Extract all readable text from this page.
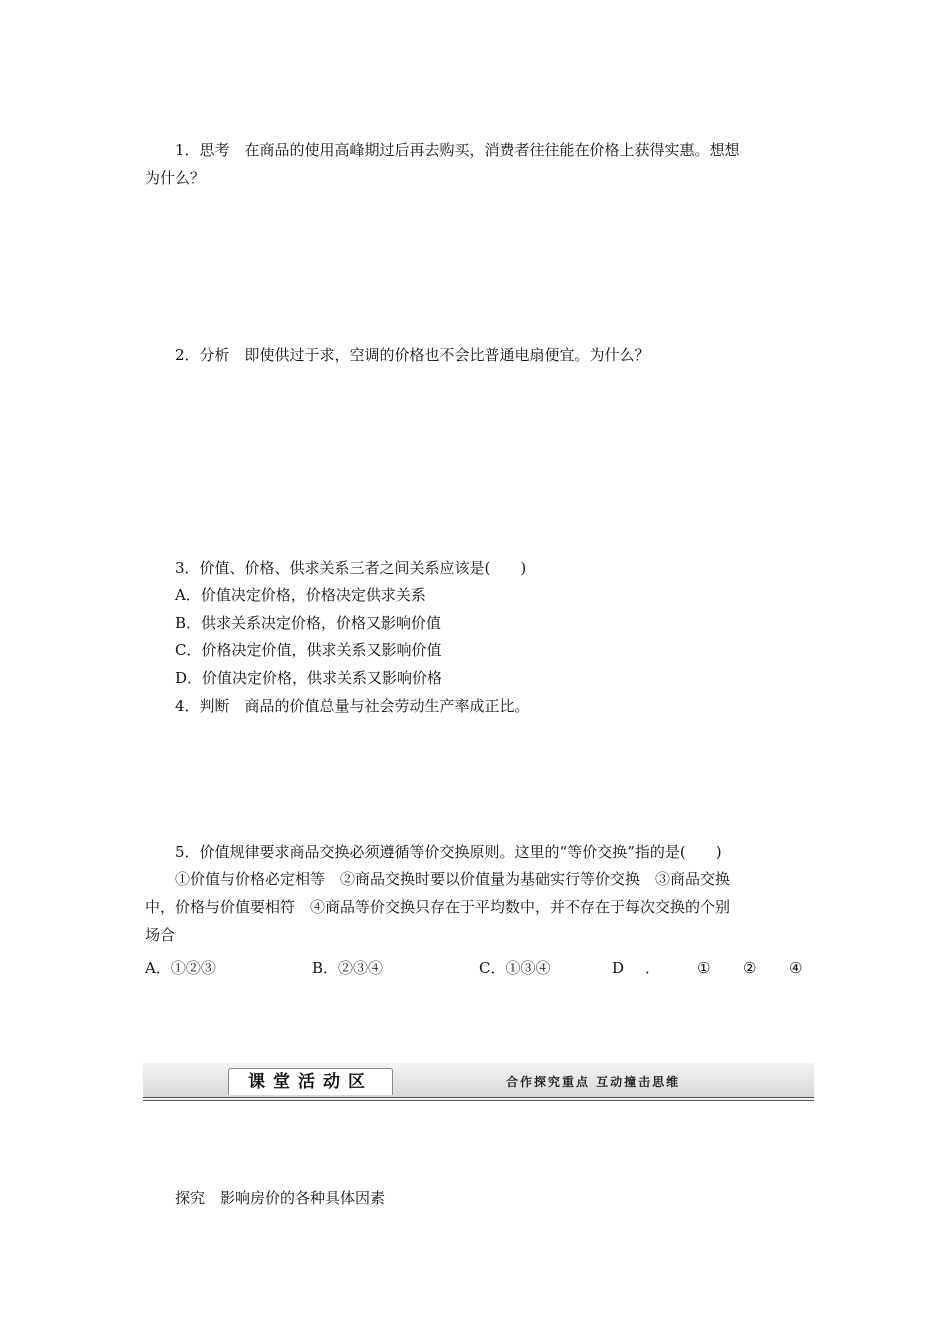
1．思考　在商品的使用高峰期过后再去购买，消费者往往能在价格上获得实惠。想想
为什么？
2．分析　即使供过于求，空调的价格也不会比普通电扇便宜。为什么？
3．价值、价格、供求关系三者之间关系应该是(　　)
A．价值决定价格，价格决定供求关系
B．供求关系决定价格，价格又影响价值
C．价格决定价值，供求关系又影响价值
D．价值决定价格，供求关系又影响价格
4．判断　商品的价值总量与社会劳动生产率成正比。
5．价值规律要求商品交换必须遵循等价交换原则。这里的“等价交换”指的是(　　)
①价值与价格必定相等　②商品交换时要以价值量为基础实行等价交换　③商品交换
中，价格与价值要相符　④商品等价交换只存在于平均数中，并不存在于每次交换的个别
场合
A．①②③	B．②③④	C．①③④	D ． ① ② ④
课堂活动区	合作探究重点 互动撞击思维
探究　影响房价的各种具体因素
